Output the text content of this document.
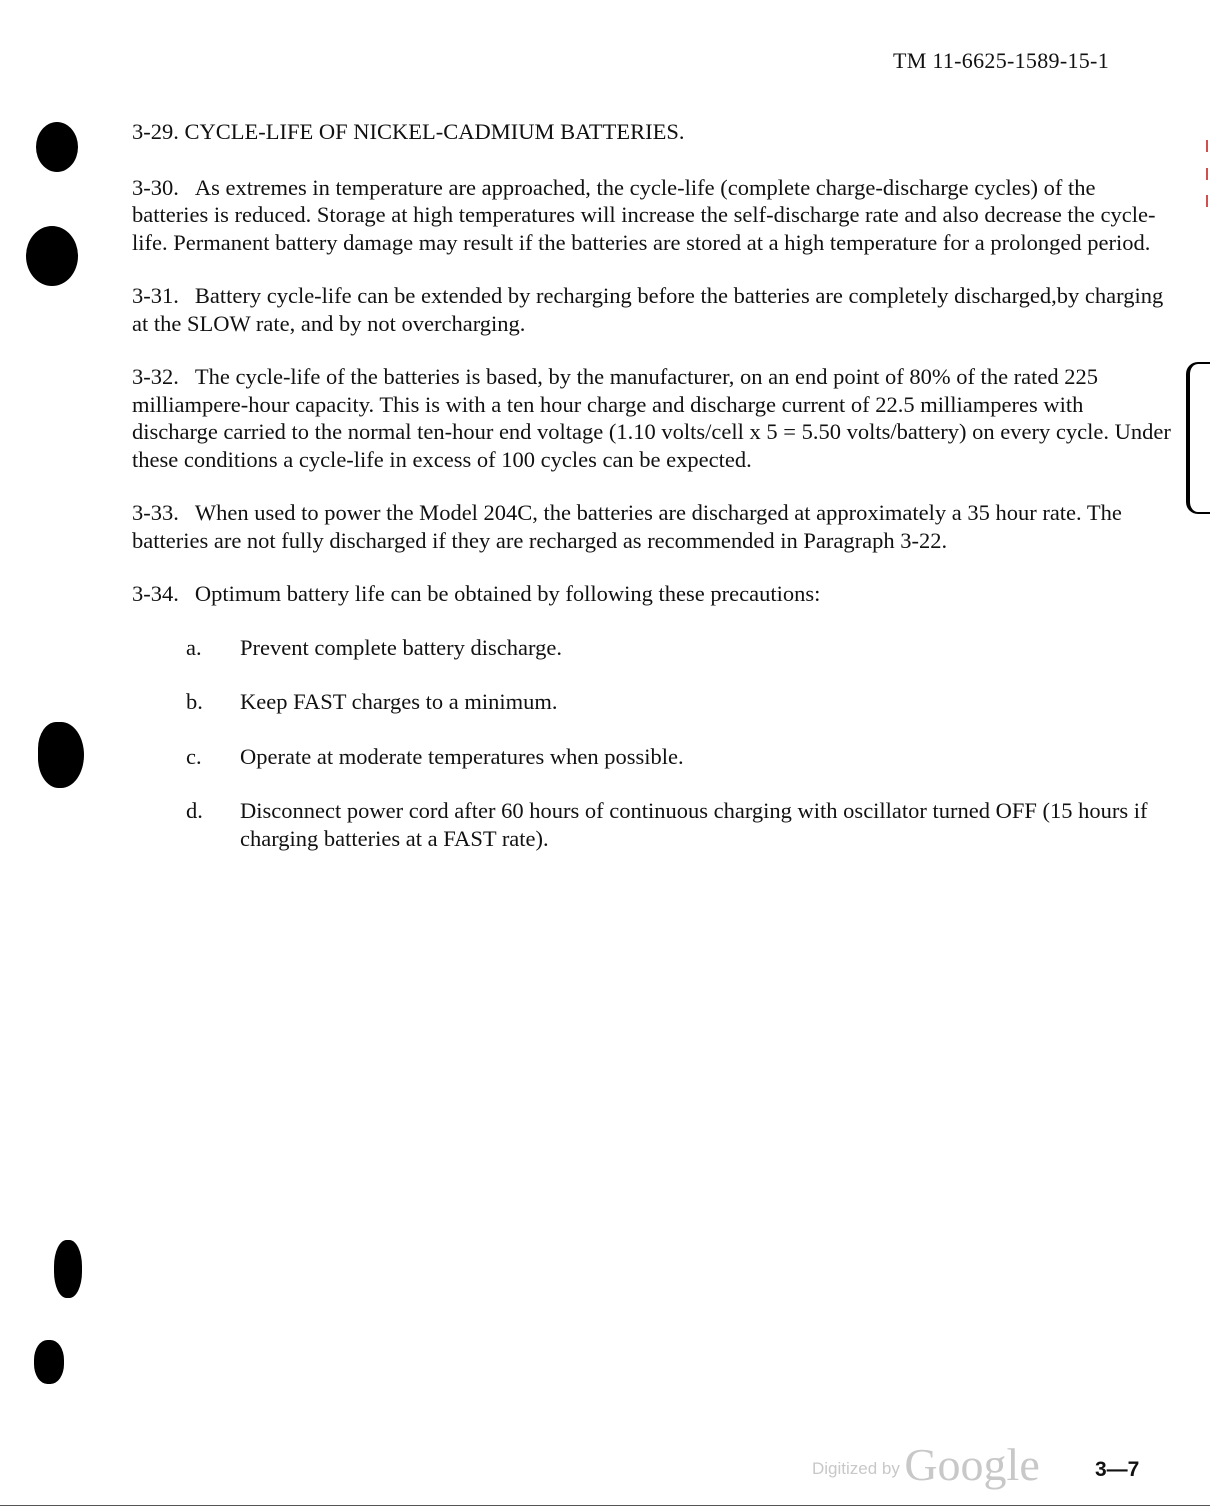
TM 11-6625-1589-15-1
3-29. CYCLE-LIFE OF NICKEL-CADMIUM BATTERIES.

3-30. As extremes in temperature are approached, the cycle-life (complete charge-discharge cycles) of the batteries is reduced. Storage at high temperatures will increase the self-discharge rate and also decrease the cycle-life. Permanent battery damage may result if the batteries are stored at a high temperature for a prolonged period.

3-31. Battery cycle-life can be extended by recharging before the batteries are completely discharged,by charging at the SLOW rate, and by not overcharging.

3-32. The cycle-life of the batteries is based, by the manufacturer, on an end point of 80% of the rated 225 milliampere-hour capacity. This is with a ten hour charge and discharge current of 22.5 milliamperes with discharge carried to the normal ten-hour end voltage (1.10 volts/cell x 5 = 5.50 volts/battery) on every cycle. Under these conditions a cycle-life in excess of 100 cycles can be expected.

3-33. When used to power the Model 204C, the batteries are discharged at approximately a 35 hour rate. The batteries are not fully discharged if they are recharged as recommended in Paragraph 3-22.

3-34. Optimum battery life can be obtained by following these precautions:

a.	Prevent complete battery discharge.
b.	Keep FAST charges to a minimum.
c.	Operate at moderate temperatures when possible.
d.	Disconnect power cord after 60 hours of continuous charging with oscillator turned OFF (15 hours if charging batteries at a FAST rate).
Digitized by Google	3—7
